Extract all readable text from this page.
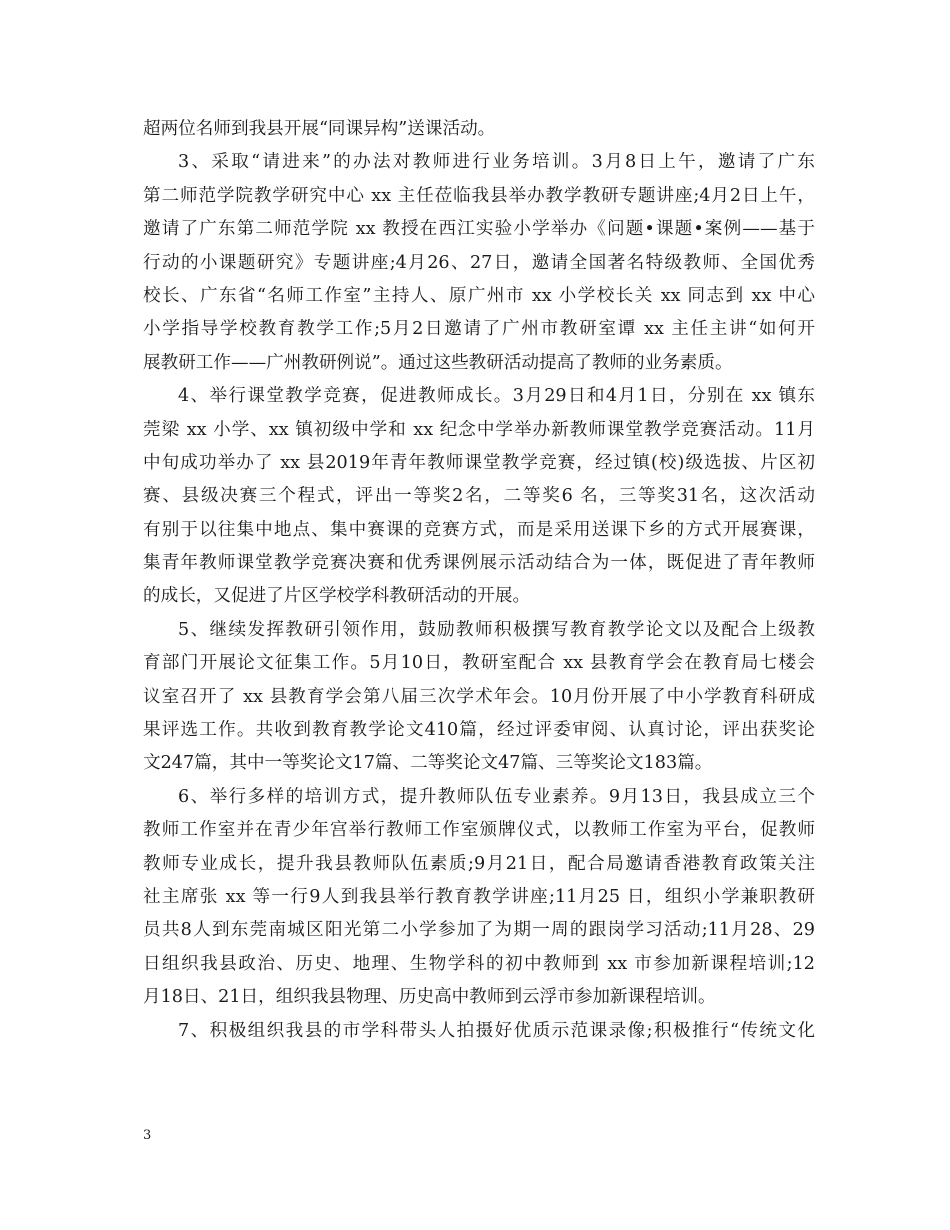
超两位名师到我县开展“同课异构”送课活动。
3、采取“请进来”的办法对教师进行业务培训。3月8日上午，邀请了广东
第二师范学院教学研究中心 xx 主任莅临我县举办教学教研专题讲座;4月2日上午，
邀请了广东第二师范学院 xx 教授在西江实验小学举办《问题•课题•案例——基于
行动的小课题研究》专题讲座;4月26、27日，邀请全国著名特级教师、全国优秀
校长、广东省“名师工作室”主持人、原广州市 xx 小学校长关 xx 同志到 xx 中心
小学指导学校教育教学工作;5月2日邀请了广州市教研室谭 xx 主任主讲“如何开
展教研工作——广州教研例说”。通过这些教研活动提高了教师的业务素质。
4、举行课堂教学竞赛，促进教师成长。3月29日和4月1日，分别在 xx 镇东
莞梁 xx 小学、xx 镇初级中学和 xx 纪念中学举办新教师课堂教学竞赛活动。11月
中旬成功举办了 xx 县2019年青年教师课堂教学竞赛，经过镇(校)级选拔、片区初
赛、县级决赛三个程式，评出一等奖2名，二等奖6 名，三等奖31名，这次活动
有别于以往集中地点、集中赛课的竞赛方式，而是采用送课下乡的方式开展赛课，
集青年教师课堂教学竞赛决赛和优秀课例展示活动结合为一体，既促进了青年教师
的成长，又促进了片区学校学科教研活动的开展。
5、继续发挥教研引领作用，鼓励教师积极撰写教育教学论文以及配合上级教
育部门开展论文征集工作。5月10日，教研室配合 xx 县教育学会在教育局七楼会
议室召开了 xx 县教育学会第八届三次学术年会。10月份开展了中小学教育科研成
果评选工作。共收到教育教学论文410篇，经过评委审阅、认真讨论，评出获奖论
文247篇，其中一等奖论文17篇、二等奖论文47篇、三等奖论文183篇。
6、举行多样的培训方式，提升教师队伍专业素养。9月13日，我县成立三个
教师工作室并在青少年宫举行教师工作室颁牌仪式，以教师工作室为平台，促教师
教师专业成长，提升我县教师队伍素质;9月21日，配合局邀请香港教育政策关注
社主席张 xx 等一行9人到我县举行教育教学讲座;11月25 日，组织小学兼职教研
员共8人到东莞南城区阳光第二小学参加了为期一周的跟岗学习活动;11月28、29
日组织我县政治、历史、地理、生物学科的初中教师到 xx 市参加新课程培训;12
月18日、21日，组织我县物理、历史高中教师到云浮市参加新课程培训。
7、积极组织我县的市学科带头人拍摄好优质示范课录像;积极推行“传统文化
3
